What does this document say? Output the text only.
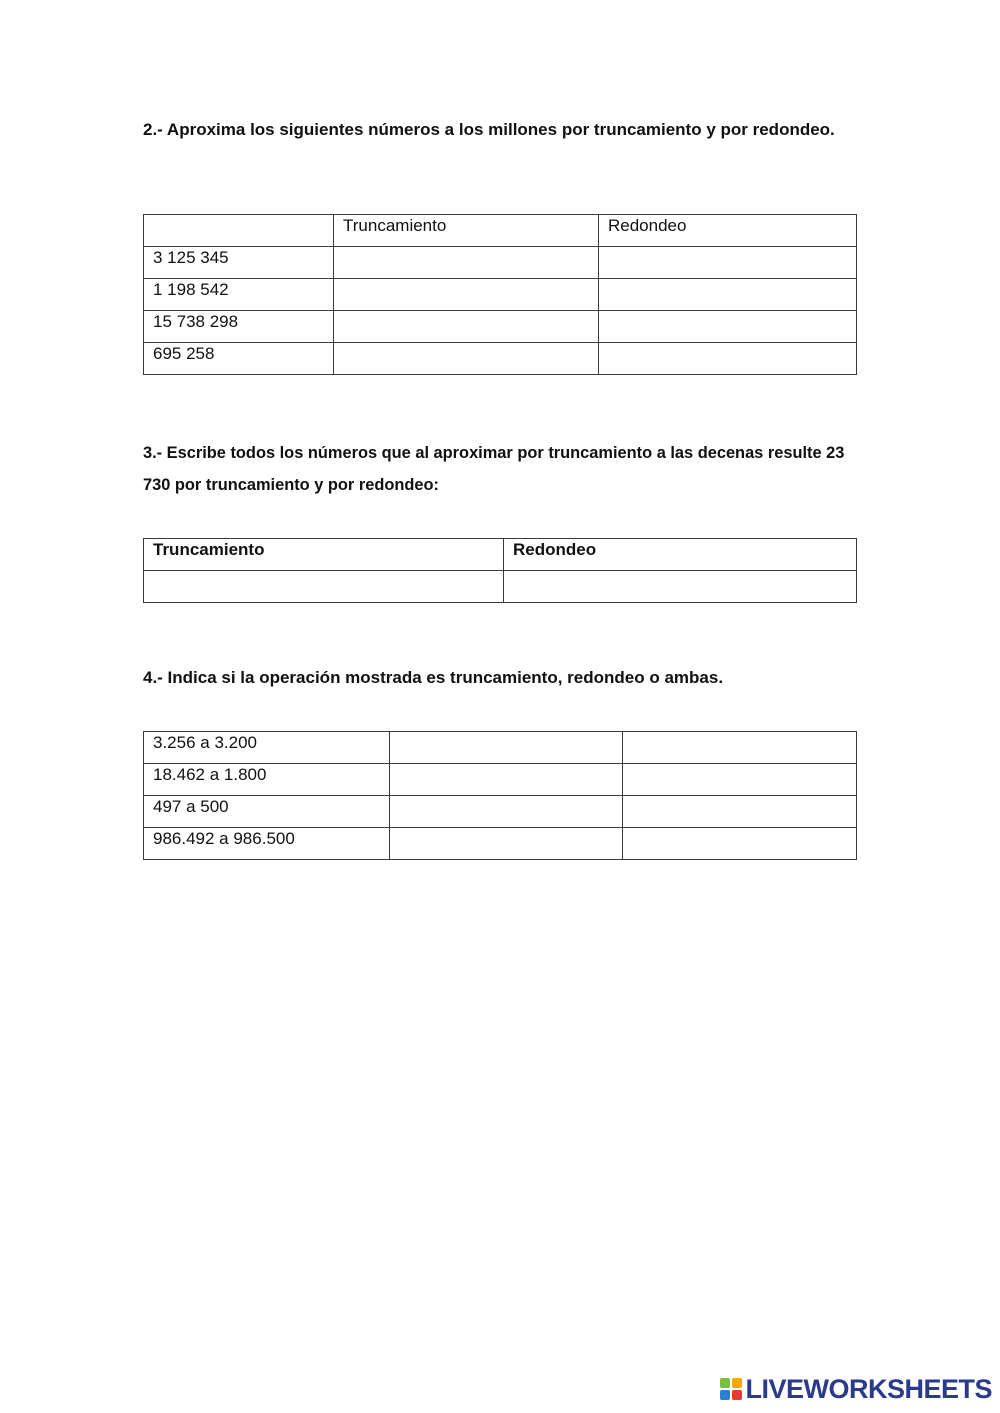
2.- Aproxima los siguientes números a los millones por truncamiento y por redondeo.

	Truncamiento	Redondeo
3 125 345		
1 198 542		
15 738 298		
695 258		

3.- Escribe todos los números que al aproximar por truncamiento a las decenas resulte 23 730 por truncamiento y por redondeo:

Truncamiento	Redondeo

4.- Indica si la operación mostrada es truncamiento, redondeo o ambas.

3.256 a 3.200		
18.462 a 1.800		
497 a 500		
986.492 a 986.500		
LIVEWORKSHEETS
